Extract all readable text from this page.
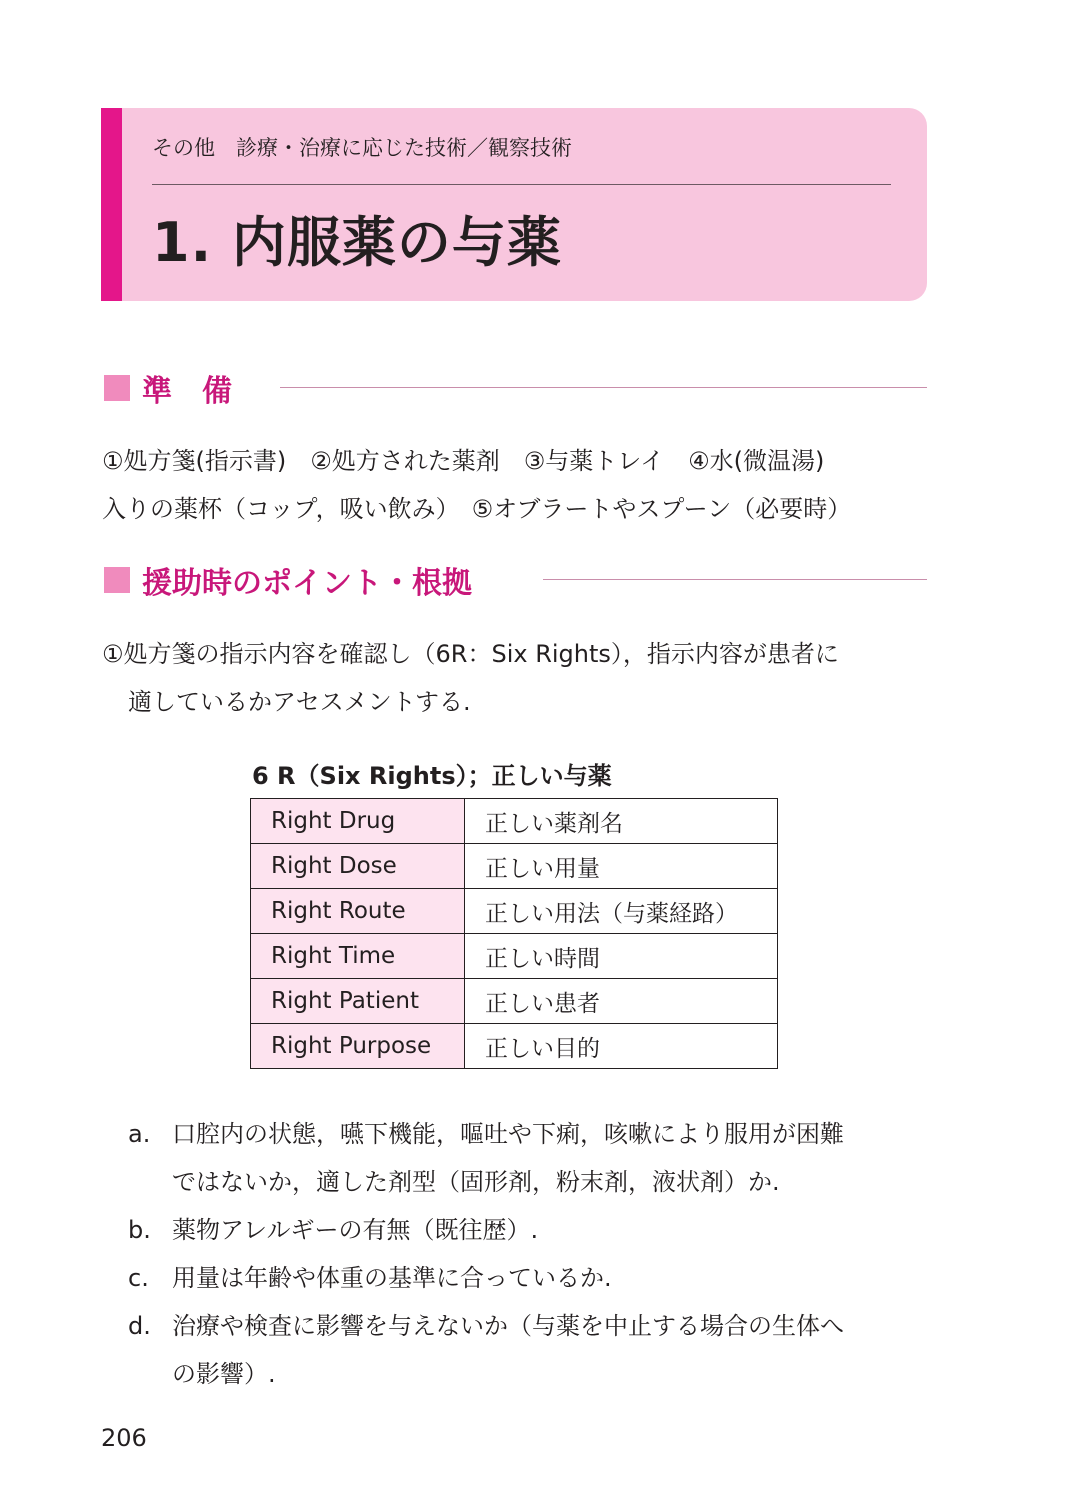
その他　診療・治療に応じた技術／観察技術
1. 内服薬の与薬
準　備
①処方箋(指示書)　②処方された薬剤　③与薬トレイ　④水(微温湯)
入りの薬杯（コップ，吸い飲み）　⑤オブラートやスプーン（必要時）
援助時のポイント・根拠
①処方箋の指示内容を確認し（6R：Six Rights），指示内容が患者に
適しているかアセスメントする.
6 R（Six Rights）；正しい与薬
Right Drug	正しい薬剤名
Right Dose	正しい用量
Right Route	正しい用法（与薬経路）
Right Time	正しい時間
Right Patient	正しい患者
Right Purpose	正しい目的
a. 口腔内の状態，嚥下機能，嘔吐や下痢，咳嗽により服用が困難
ではないか，適した剤型（固形剤，粉末剤，液状剤）か.
b. 薬物アレルギーの有無（既往歴）.
c. 用量は年齢や体重の基準に合っているか.
d. 治療や検査に影響を与えないか（与薬を中止する場合の生体へ
の影響）.
206
